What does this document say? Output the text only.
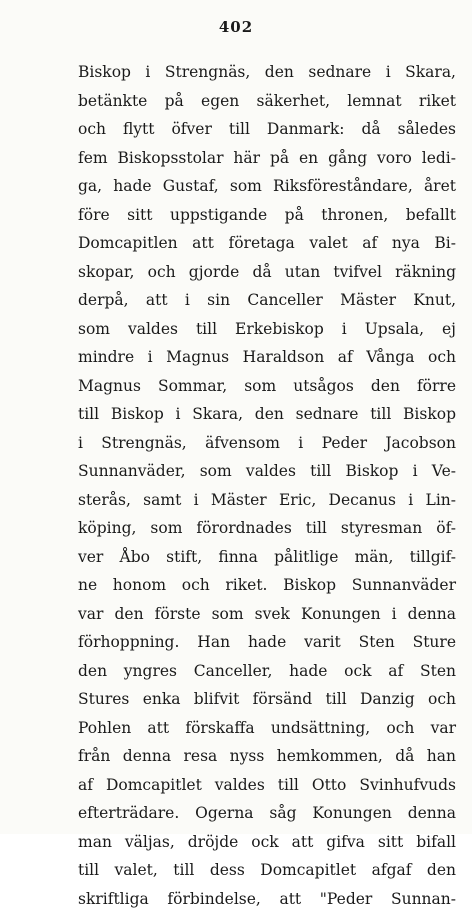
402
Biskop i Strengnäs, den sednare i Skara,
betänkte på egen säkerhet, lemnat riket
och flytt öfver till Danmark: då således
fem Biskopsstolar här på en gång voro ledi-
ga, hade Gustaf, som Riksföreståndare, året
före sitt uppstigande på thronen, befallt
Domcapitlen att företaga valet af nya Bi-
skopar, och gjorde då utan tvifvel räkning
derpå, att i sin Canceller Mäster Knut,
som valdes till Erkebiskop i Upsala, ej
mindre i Magnus Haraldson af Vånga och
Magnus Sommar, som utsågos den förre
till Biskop i Skara, den sednare till Biskop
i Strengnäs, äfvensom i Peder Jacobson
Sunnanväder, som valdes till Biskop i Ve-
sterås, samt i Mäster Eric, Decanus i Lin-
köping, som förordnades till styresman öf-
ver Åbo stift, finna pålitlige män, tillgif-
ne honom och riket. Biskop Sunnanväder
var den förste som svek Konungen i denna
förhoppning. Han hade varit Sten Sture
den yngres Canceller, hade ock af Sten
Stures enka blifvit försänd till Danzig och
Pohlen att förskaffa undsättning, och var
från denna resa nyss hemkommen, då han
af Domcapitlet valdes till Otto Svinhufvuds
efterträdare. Ogerna såg Konungen denna
man väljas, dröjde ock att gifva sitt bifall
till valet, till dess Domcapitlet afgaf den
skriftliga förbindelse, att "Peder Sunnan-
